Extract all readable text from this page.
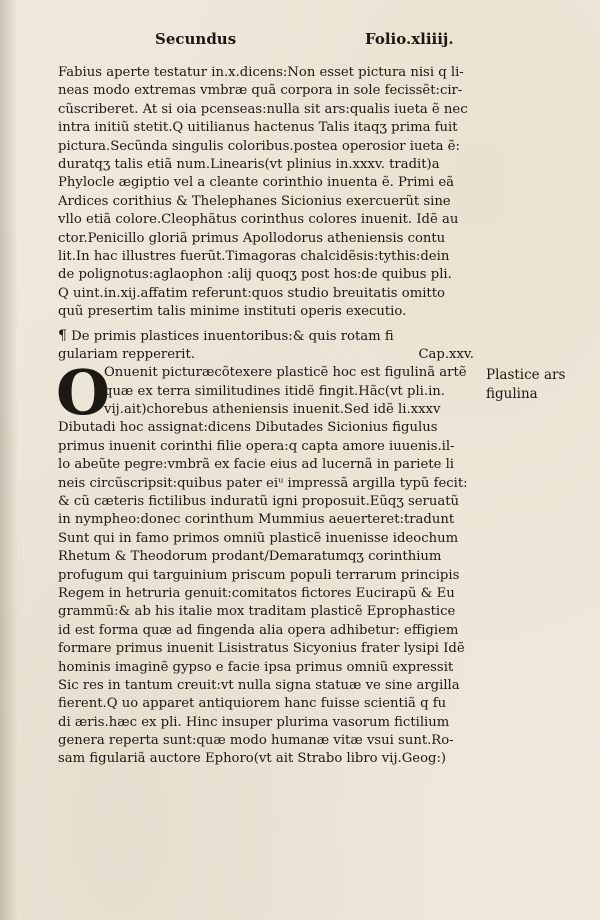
Secundus	Folio.xliiij.
Fabius aperte testatur in.x.dicens:Non esset pictura nisi q li-
neas modo extremas vmbræ quã corpora in sole fecissẽt:cir-
cũscriberet. At si oia pcenseas:nulla sit ars:qualis iueta ẽ nec
intra initiũ stetit.Q uitilianus hactenus Talis itaqʒ prima fuit
pictura.Secũnda singulis coloribus.postea operosior iueta ẽ:
duratqʒ talis etiã num.Linearis(vt plinius in.xxxv. tradit)a
Phylocle ægiptio vel a cleante corinthio inuenta ẽ. Primi eã
Ardices corithius & Thelephanes Sicionius exercuerũt sine
vllo etiã colore.Cleophãtus corinthus colores inuenit. Idẽ au
ctor.Penicillo gloriã primus Apollodorus atheniensis contu
lit.In hac illustres fuerũt.Timagoras chalcidẽsis:tythis:dein
de polignotus:aglaophon :alij quoqʒ post hos:de quibus pli.
Q uint.in.xij.affatim referunt:quos studio breuitatis omitto
quũ presertim talis minime instituti operis executio.
¶ De primis plastices inuentoribus:& quis rotam fi
gulariam reppererit.	Cap.xxv.
O
Onuenit picturæcõtexere plasticẽ hoc est figulinã artẽ
quæ ex terra similitudines itidẽ fingit.Hãc(vt pli.in.
vij.ait)chorebus atheniensis inuenit.Sed idẽ li.xxxv
Dibutadi hoc assignat:dicens Dibutades Sicionius figulus
primus inuenit corinthi filie opera:q capta amore iuuenis.il-
lo abeũte pegre:vmbrã ex facie eius ad lucernã in pariete li
neis circũscripsit:quibus pater eiᵘ impressã argilla typũ fecit:
& cũ cæteris fictilibus induratũ igni proposuit.Eũqʒ seruatũ
in nympheo:donec corinthum Mummius aeuerteret:tradunt
Sunt qui in famo primos omniũ plasticẽ inuenisse ideochum
Rhetum & Theodorum prodant/Demaratumqʒ corinthium
profugum qui targuinium priscum populi terrarum principis
Regem in hetruria genuit:comitatos fictores Eucirapũ & Eu
grammũ:& ab his italie mox traditam plasticẽ Eprophastice
id est forma quæ ad fingenda alia opera adhibetur: effigiem
formare primus inuenit Lisistratus Sicyonius frater lysipi Idẽ
hominis imaginẽ gypso e facie ipsa primus omniũ expressit
Sic res in tantum creuit:vt nulla signa statuæ ve sine argilla
fierent.Q uo apparet antiquiorem hanc fuisse scientiã q fu
di æris.hæc ex pli. Hinc insuper plurima vasorum fictilium
genera reperta sunt:quæ modo humanæ vitæ vsui sunt.Ro-
sam figulariã auctore Ephoro(vt ait Strabo libro vij.Geog:)
Plastice ars
figulina
